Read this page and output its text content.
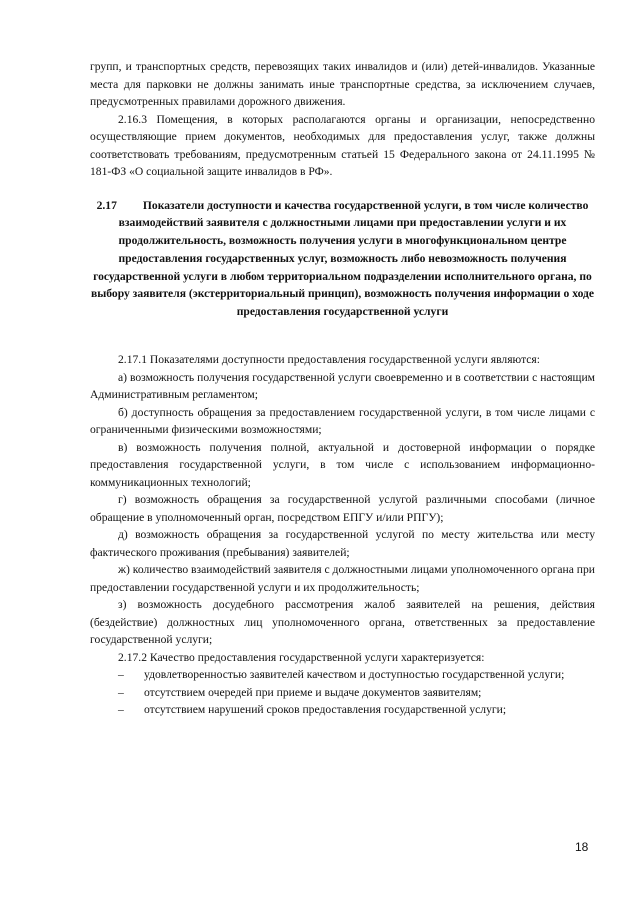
групп, и транспортных средств, перевозящих таких инвалидов и (или) детей-инвалидов. Указанные места для парковки не должны занимать иные транспортные средства, за исключением случаев, предусмотренных правилами дорожного движения.

2.16.3 Помещения, в которых располагаются органы и организации, непосредственно осуществляющие прием документов, необходимых для предоставления услуг, также должны соответствовать требованиям, предусмотренным статьей 15 Федерального закона от 24.11.1995 № 181-ФЗ «О социальной защите инвалидов в РФ».

2.17 Показатели доступности и качества государственной услуги, в том числе количество взаимодействий заявителя с должностными лицами при предоставлении услуги и их продолжительность, возможность получения услуги в многофункциональном центре предоставления государственных услуг, возможность либо невозможность получения государственной услуги в любом территориальном подразделении исполнительного органа, по выбору заявителя (экстерриториальный принцип), возможность получения информации о ходе предоставления государственной услуги

2.17.1 Показателями доступности предоставления государственной услуги являются:

а) возможность получения государственной услуги своевременно и в соответствии с настоящим Административным регламентом;

б) доступность обращения за предоставлением государственной услуги, в том числе лицами с ограниченными физическими возможностями;

в) возможность получения полной, актуальной и достоверной информации о порядке предоставления государственной услуги, в том числе с использованием информационно-коммуникационных технологий;

г) возможность обращения за государственной услугой различными способами (личное обращение в уполномоченный орган, посредством ЕПГУ и/или РПГУ);

д) возможность обращения за государственной услугой по месту жительства или месту фактического проживания (пребывания) заявителей;

ж) количество взаимодействий заявителя с должностными лицами уполномоченного органа при предоставлении государственной услуги и их продолжительность;

з) возможность досудебного рассмотрения жалоб заявителей на решения, действия (бездействие) должностных лиц уполномоченного органа, ответственных за предоставление государственной услуги;

2.17.2 Качество предоставления государственной услуги характеризуется:

–	удовлетворенностью заявителей качеством и доступностью государственной услуги;
–	отсутствием очередей при приеме и выдаче документов заявителям;
–	отсутствием нарушений сроков предоставления государственной услуги;
18
